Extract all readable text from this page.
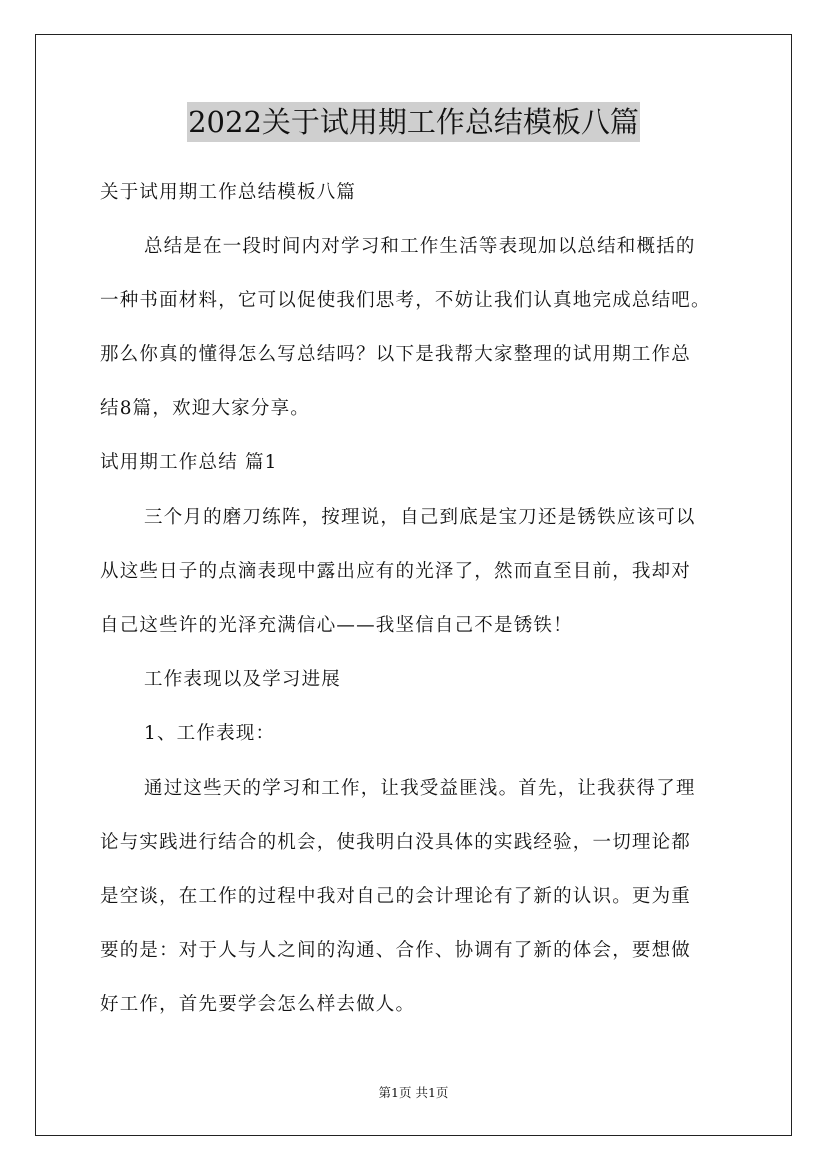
2022关于试用期工作总结模板八篇
关于试用期工作总结模板八篇
总结是在一段时间内对学习和工作生活等表现加以总结和概括的
一种书面材料，它可以促使我们思考，不妨让我们认真地完成总结吧。
那么你真的懂得怎么写总结吗？以下是我帮大家整理的试用期工作总
结8篇，欢迎大家分享。
试用期工作总结 篇1
三个月的磨刀练阵，按理说，自己到底是宝刀还是锈铁应该可以
从这些日子的点滴表现中露出应有的光泽了，然而直至目前，我却对
自己这些许的光泽充满信心——我坚信自己不是锈铁！
工作表现以及学习进展
1、工作表现：
通过这些天的学习和工作，让我受益匪浅。首先，让我获得了理
论与实践进行结合的机会，使我明白没具体的实践经验，一切理论都
是空谈，在工作的过程中我对自己的会计理论有了新的认识。更为重
要的是：对于人与人之间的沟通、合作、协调有了新的体会，要想做
好工作，首先要学会怎么样去做人。
第1页 共1页
